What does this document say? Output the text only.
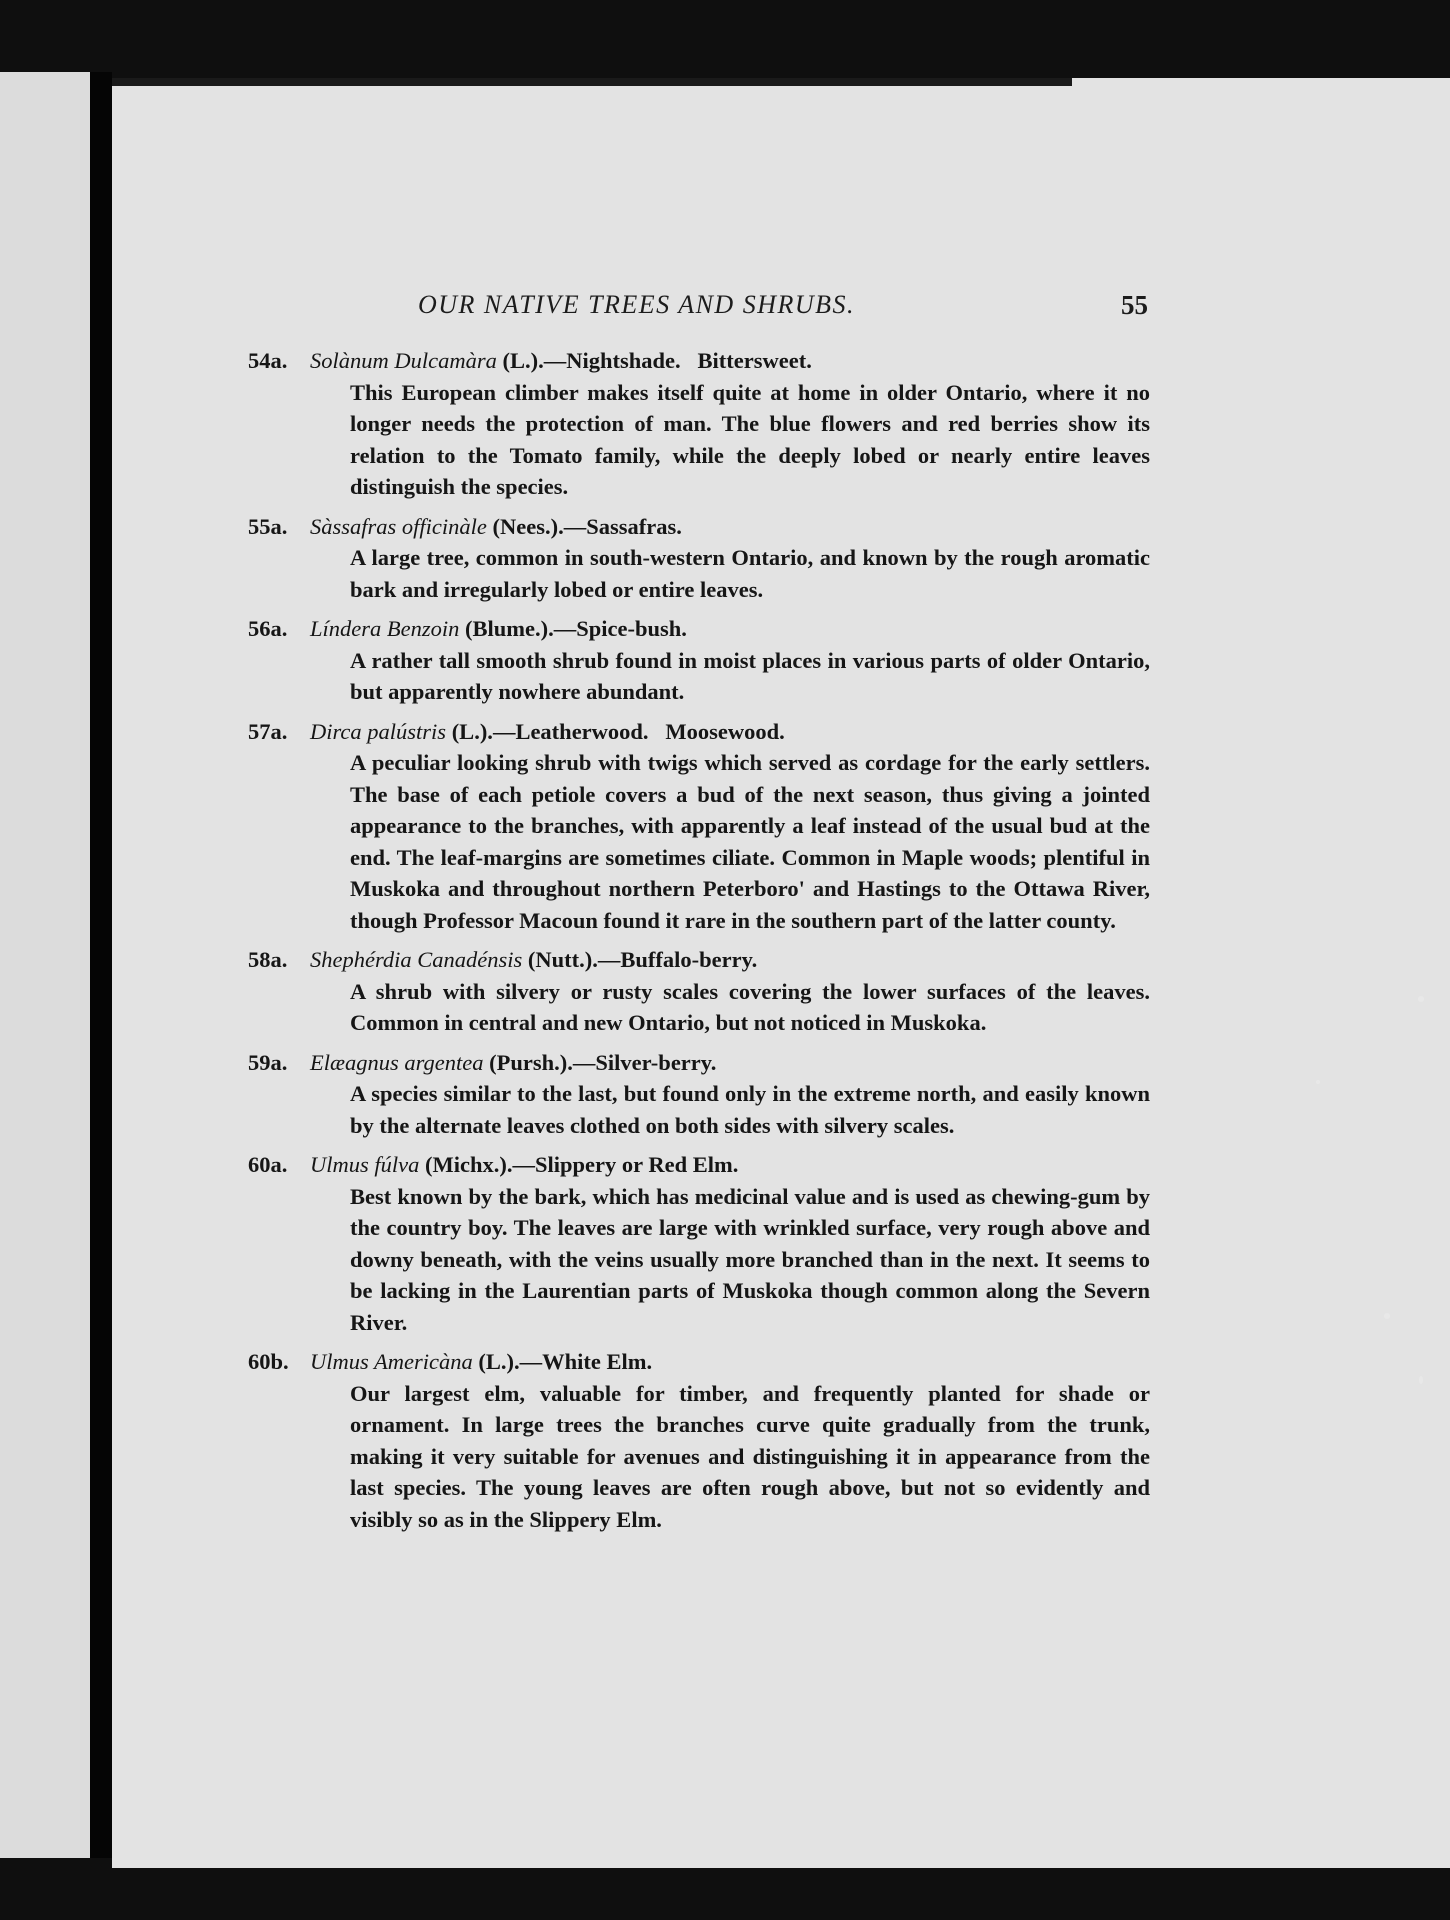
OUR NATIVE TREES AND SHRUBS.	55
54a. Solànum Dulcamàra (L.).—Nightshade.   Bittersweet.
This European climber makes itself quite at home in older Ontario, where it no longer needs the protection of man. The blue flowers and red berries show its relation to the Tomato family, while the deeply lobed or nearly entire leaves distinguish the species.
55a. Sàssafras officinàle (Nees.).—Sassafras.
A large tree, common in south-western Ontario, and known by the rough aromatic bark and irregularly lobed or entire leaves.
56a. Líndera Benzoin (Blume.).—Spice-bush.
A rather tall smooth shrub found in moist places in various parts of older Ontario, but apparently nowhere abundant.
57a. Dirca palústris (L.).—Leatherwood.   Moosewood.
A peculiar looking shrub with twigs which served as cordage for the early settlers. The base of each petiole covers a bud of the next season, thus giving a jointed appearance to the branches, with apparently a leaf instead of the usual bud at the end. The leaf-margins are sometimes ciliate. Common in Maple woods; plentiful in Muskoka and throughout northern Peterboro' and Hastings to the Ottawa River, though Professor Macoun found it rare in the southern part of the latter county.
58a. Shephérdia Canadénsis (Nutt.).—Buffalo-berry.
A shrub with silvery or rusty scales covering the lower surfaces of the leaves. Common in central and new Ontario, but not noticed in Muskoka.
59a. Elæagnus argentea (Pursh.).—Silver-berry.
A species similar to the last, but found only in the extreme north, and easily known by the alternate leaves clothed on both sides with silvery scales.
60a. Ulmus fúlva (Michx.).—Slippery or Red Elm.
Best known by the bark, which has medicinal value and is used as chewing-gum by the country boy. The leaves are large with wrinkled surface, very rough above and downy beneath, with the veins usually more branched than in the next. It seems to be lacking in the Laurentian parts of Muskoka though common along the Severn River.
60b. Ulmus Americàna (L.).—White Elm.
Our largest elm, valuable for timber, and frequently planted for shade or ornament. In large trees the branches curve quite gradually from the trunk, making it very suitable for avenues and distinguishing it in appearance from the last species. The young leaves are often rough above, but not so evidently and visibly so as in the Slippery Elm.
